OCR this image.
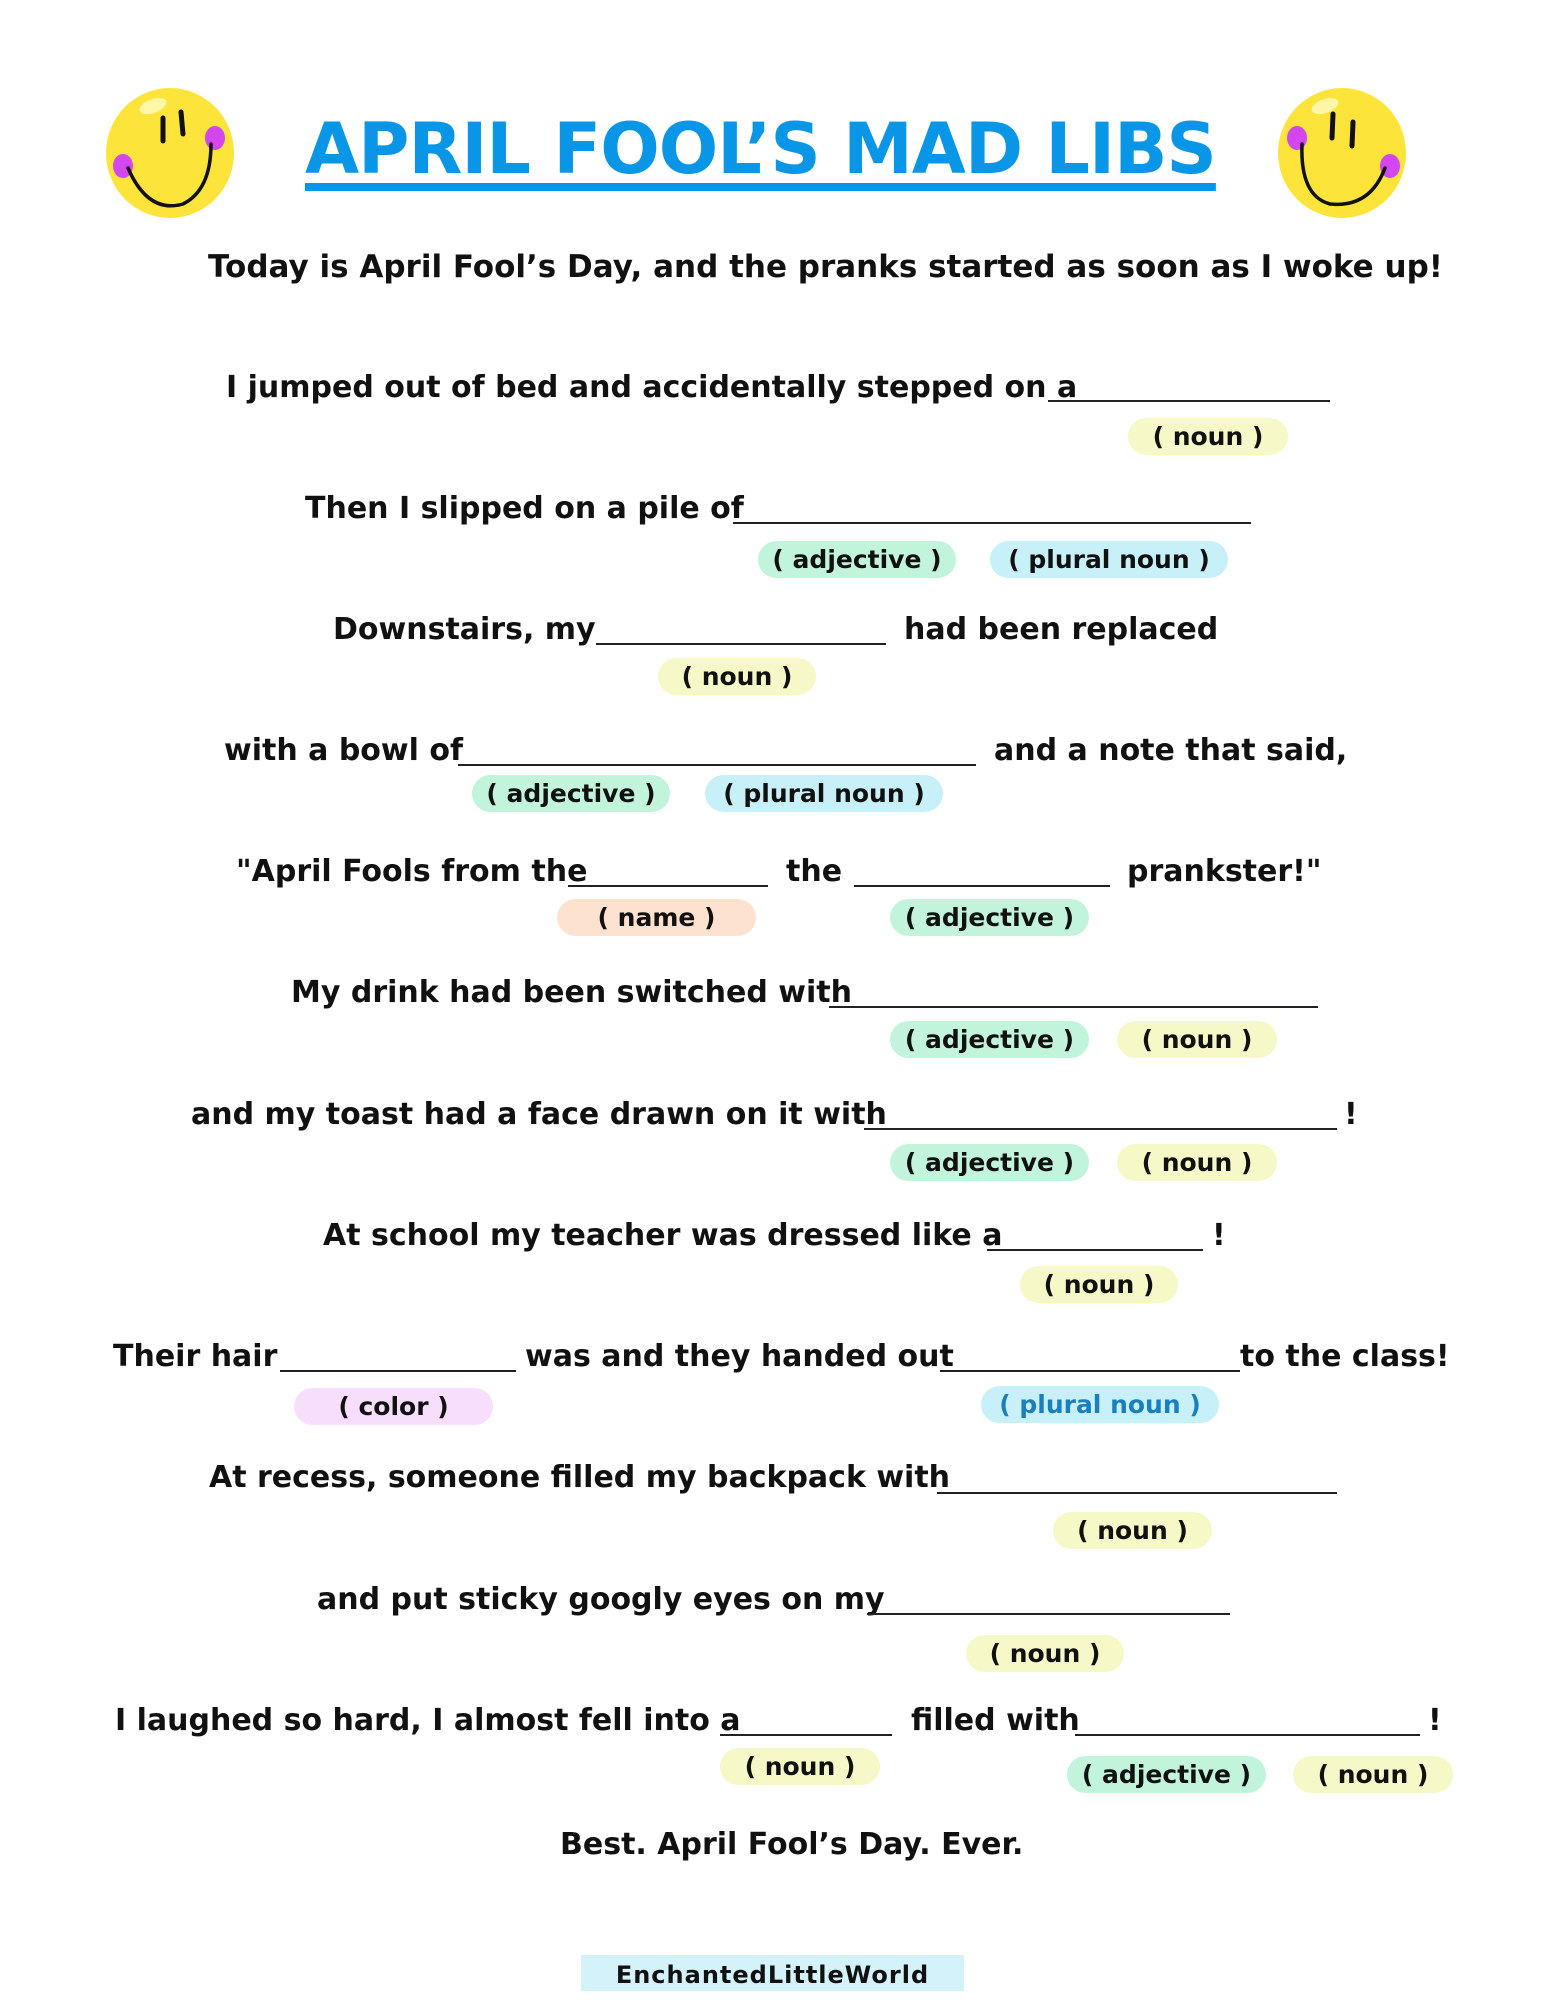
APRIL FOOL’S MAD LIBS
Today is April Fool’s Day, and the pranks started as soon as I woke up!
I jumped out of bed and accidentally stepped on a
( noun )
Then I slipped on a pile of
( adjective )	( plural noun )
Downstairs, my	had been replaced
( noun )
with a bowl of	and a note that said,
( adjective )	( plural noun )
"April Fools from the	the	prankster!"
( name )	( adjective )
My drink had been switched with
( adjective )	( noun )
and my toast had a face drawn on it with	!
( adjective )	( noun )
At school my teacher was dressed like a	!
( noun )
Their hair	was and they handed out	to the class!
( color )	( plural noun )
At recess, someone filled my backpack with
( noun )
and put sticky googly eyes on my
( noun )
I laughed so hard, I almost fell into a	filled with	!
( noun )	( adjective )	( noun )
Best. April Fool’s Day. Ever.
EnchantedLittleWorld
